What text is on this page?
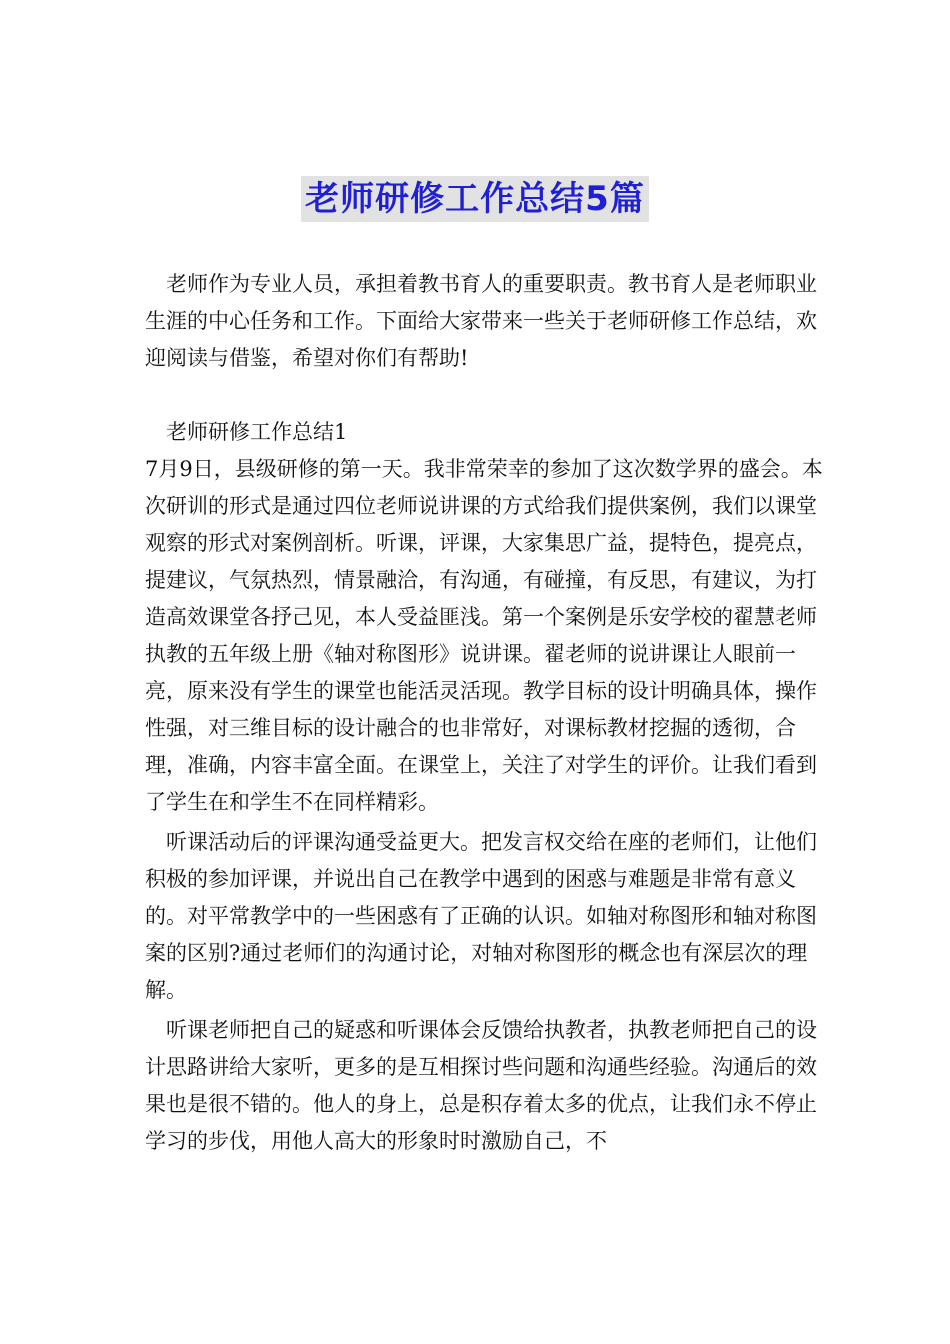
老师研修工作总结5篇

老师作为专业人员，承担着教书育人的重要职责。教书育人是老师职业生涯的中心任务和工作。下面给大家带来一些关于老师研修工作总结，欢迎阅读与借鉴，希望对你们有帮助!

老师研修工作总结1

7月9日，县级研修的第一天。我非常荣幸的参加了这次数学界的盛会。本次研训的形式是通过四位老师说讲课的方式给我们提供案例，我们以课堂观察的形式对案例剖析。听课，评课，大家集思广益，提特色，提亮点，提建议，气氛热烈，情景融洽，有沟通，有碰撞，有反思，有建议，为打造高效课堂各抒己见，本人受益匪浅。第一个案例是乐安学校的翟慧老师执教的五年级上册《轴对称图形》说讲课。翟老师的说讲课让人眼前一亮，原来没有学生的课堂也能活灵活现。教学目标的设计明确具体，操作性强，对三维目标的设计融合的也非常好，对课标教材挖掘的透彻，合理，准确，内容丰富全面。在课堂上，关注了对学生的评价。让我们看到了学生在和学生不在同样精彩。

听课活动后的评课沟通受益更大。把发言权交给在座的老师们，让他们积极的参加评课，并说出自己在教学中遇到的困惑与难题是非常有意义的。对平常教学中的一些困惑有了正确的认识。如轴对称图形和轴对称图案的区别?通过老师们的沟通讨论，对轴对称图形的概念也有深层次的理解。

听课老师把自己的疑惑和听课体会反馈给执教者，执教老师把自己的设计思路讲给大家听，更多的是互相探讨些问题和沟通些经验。沟通后的效果也是很不错的。他人的身上，总是积存着太多的优点，让我们永不停止学习的步伐，用他人高大的形象时时激励自己，不
